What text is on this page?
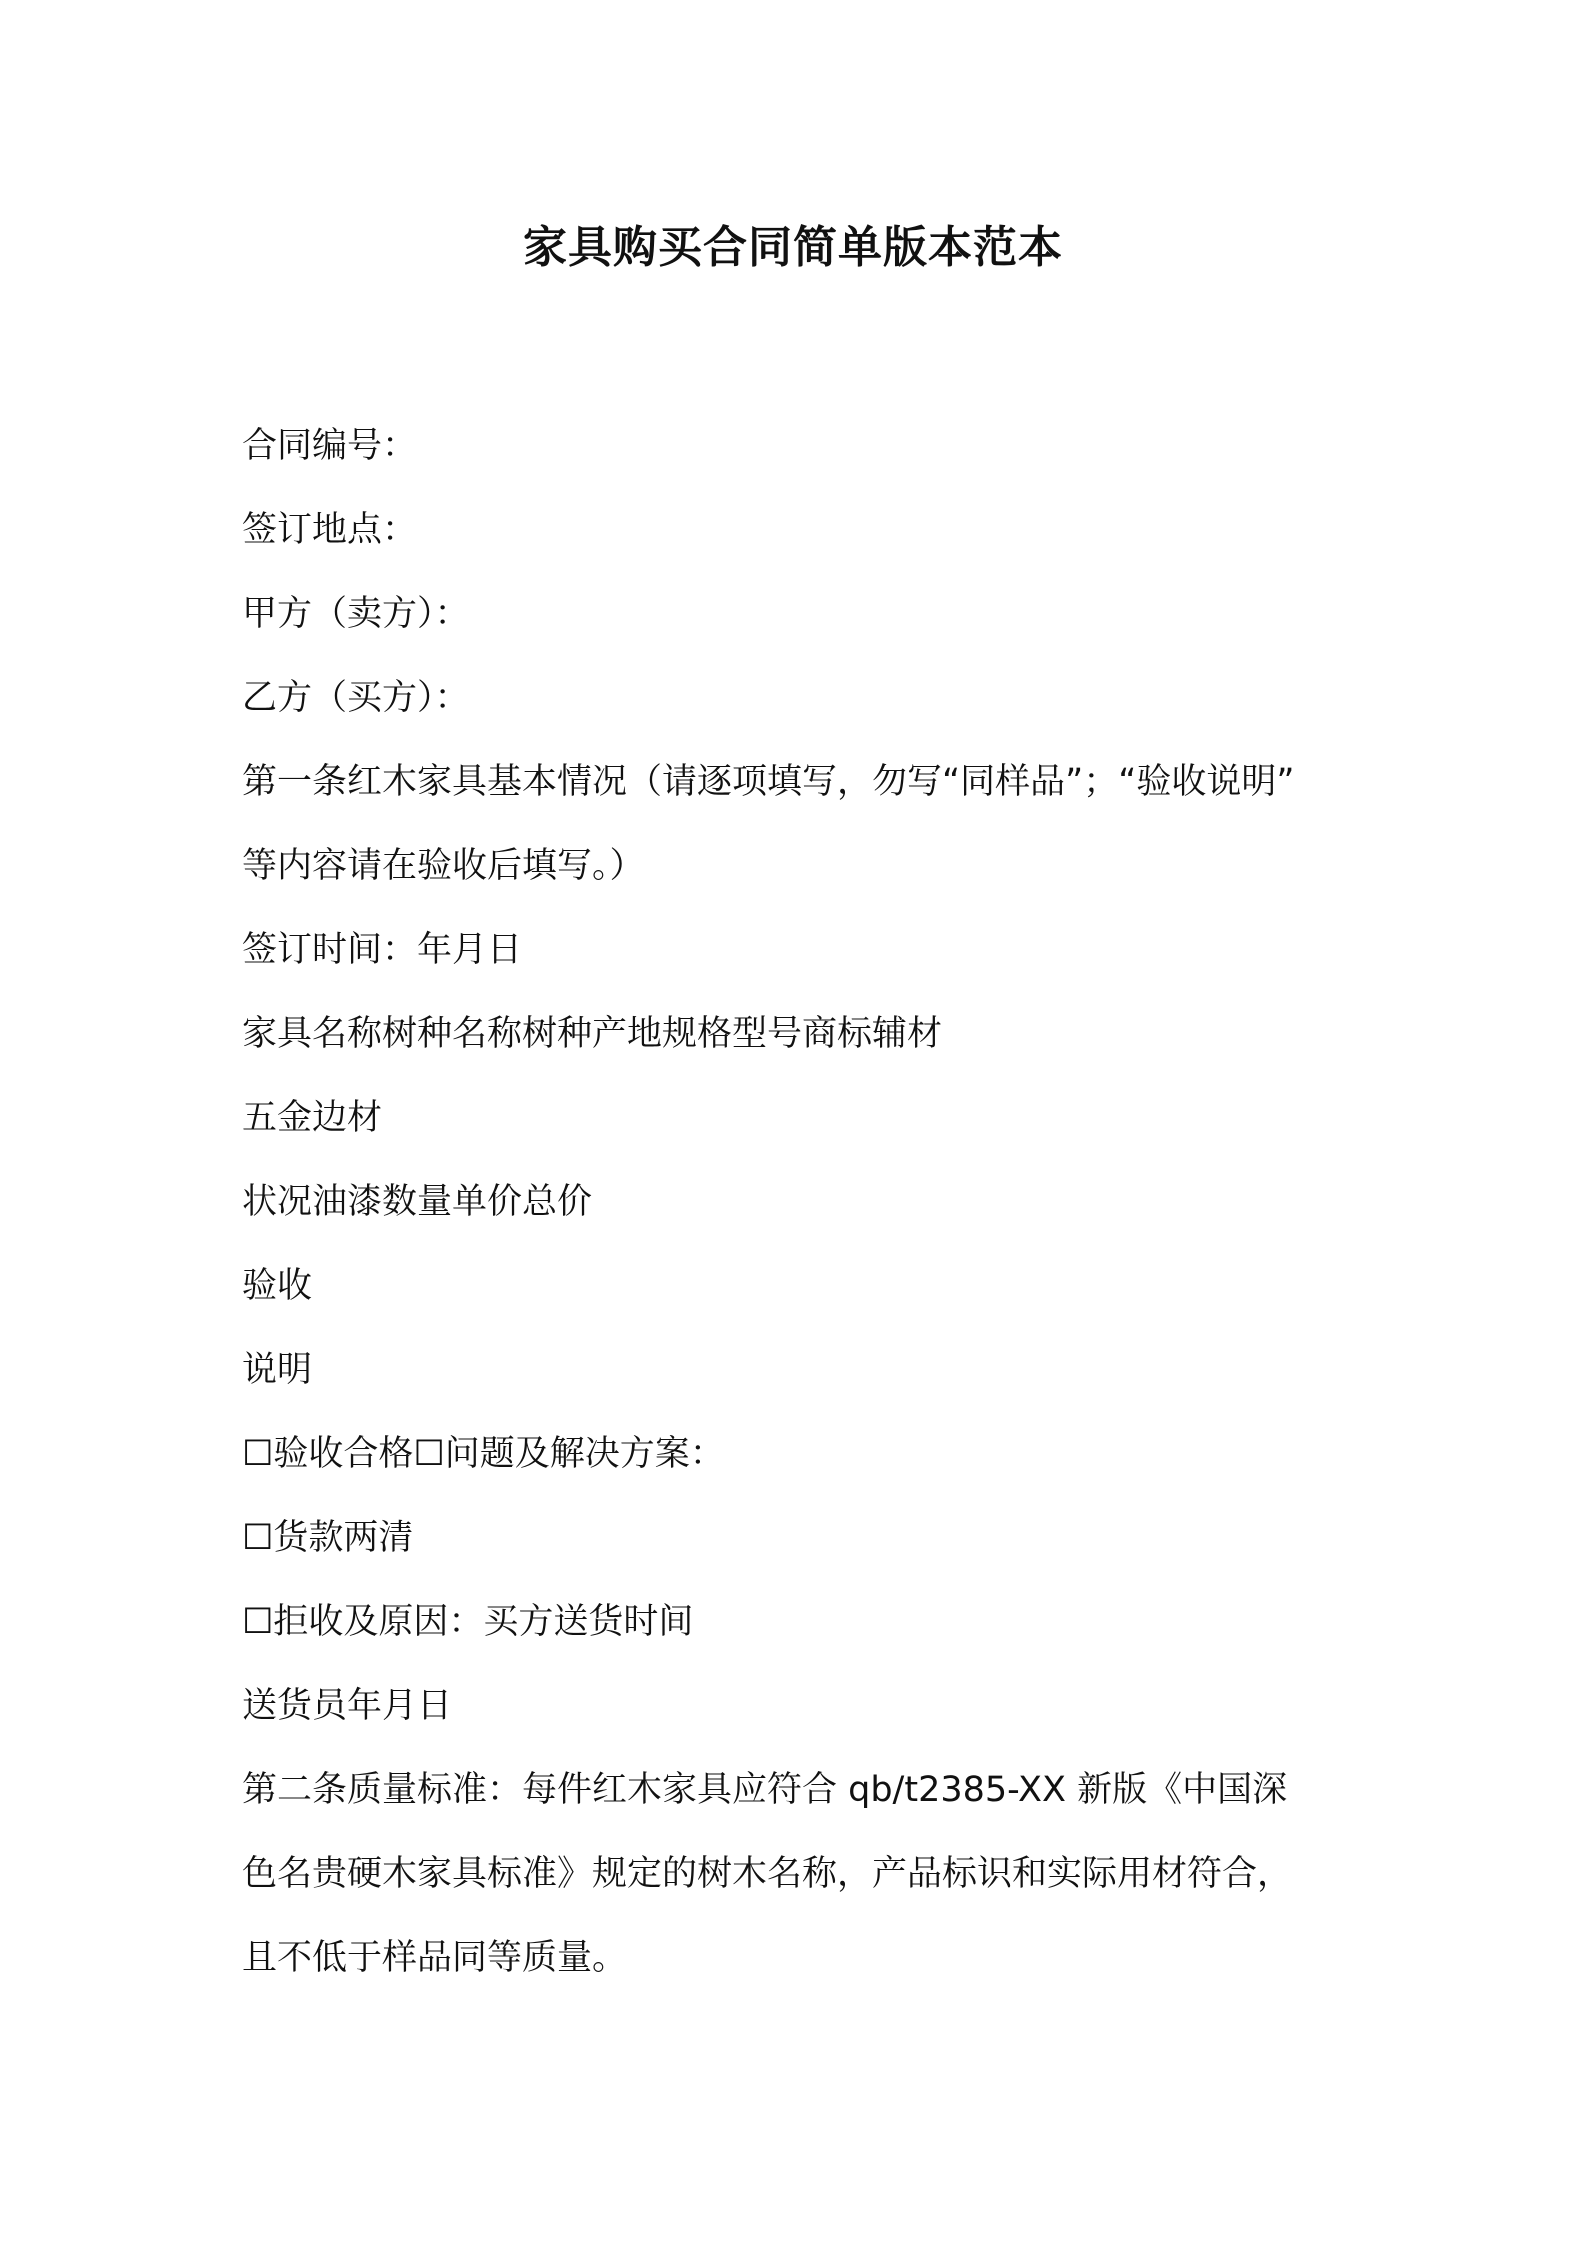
家具购买合同简单版本范本

合同编号：

签订地点：

甲方（卖方）：

乙方（买方）：

第一条红木家具基本情况（请逐项填写，勿写“同样品”；“验收说明”

等内容请在验收后填写。）

签订时间：年月日

家具名称树种名称树种产地规格型号商标辅材

五金边材

状况油漆数量单价总价

验收

说明

☐验收合格☐问题及解决方案：

☐货款两清

☐拒收及原因：买方送货时间

送货员年月日

第二条质量标准：每件红木家具应符合 qb/t2385-XX 新版《中国深

色名贵硬木家具标准》规定的树木名称，产品标识和实际用材符合，

且不低于样品同等质量。
